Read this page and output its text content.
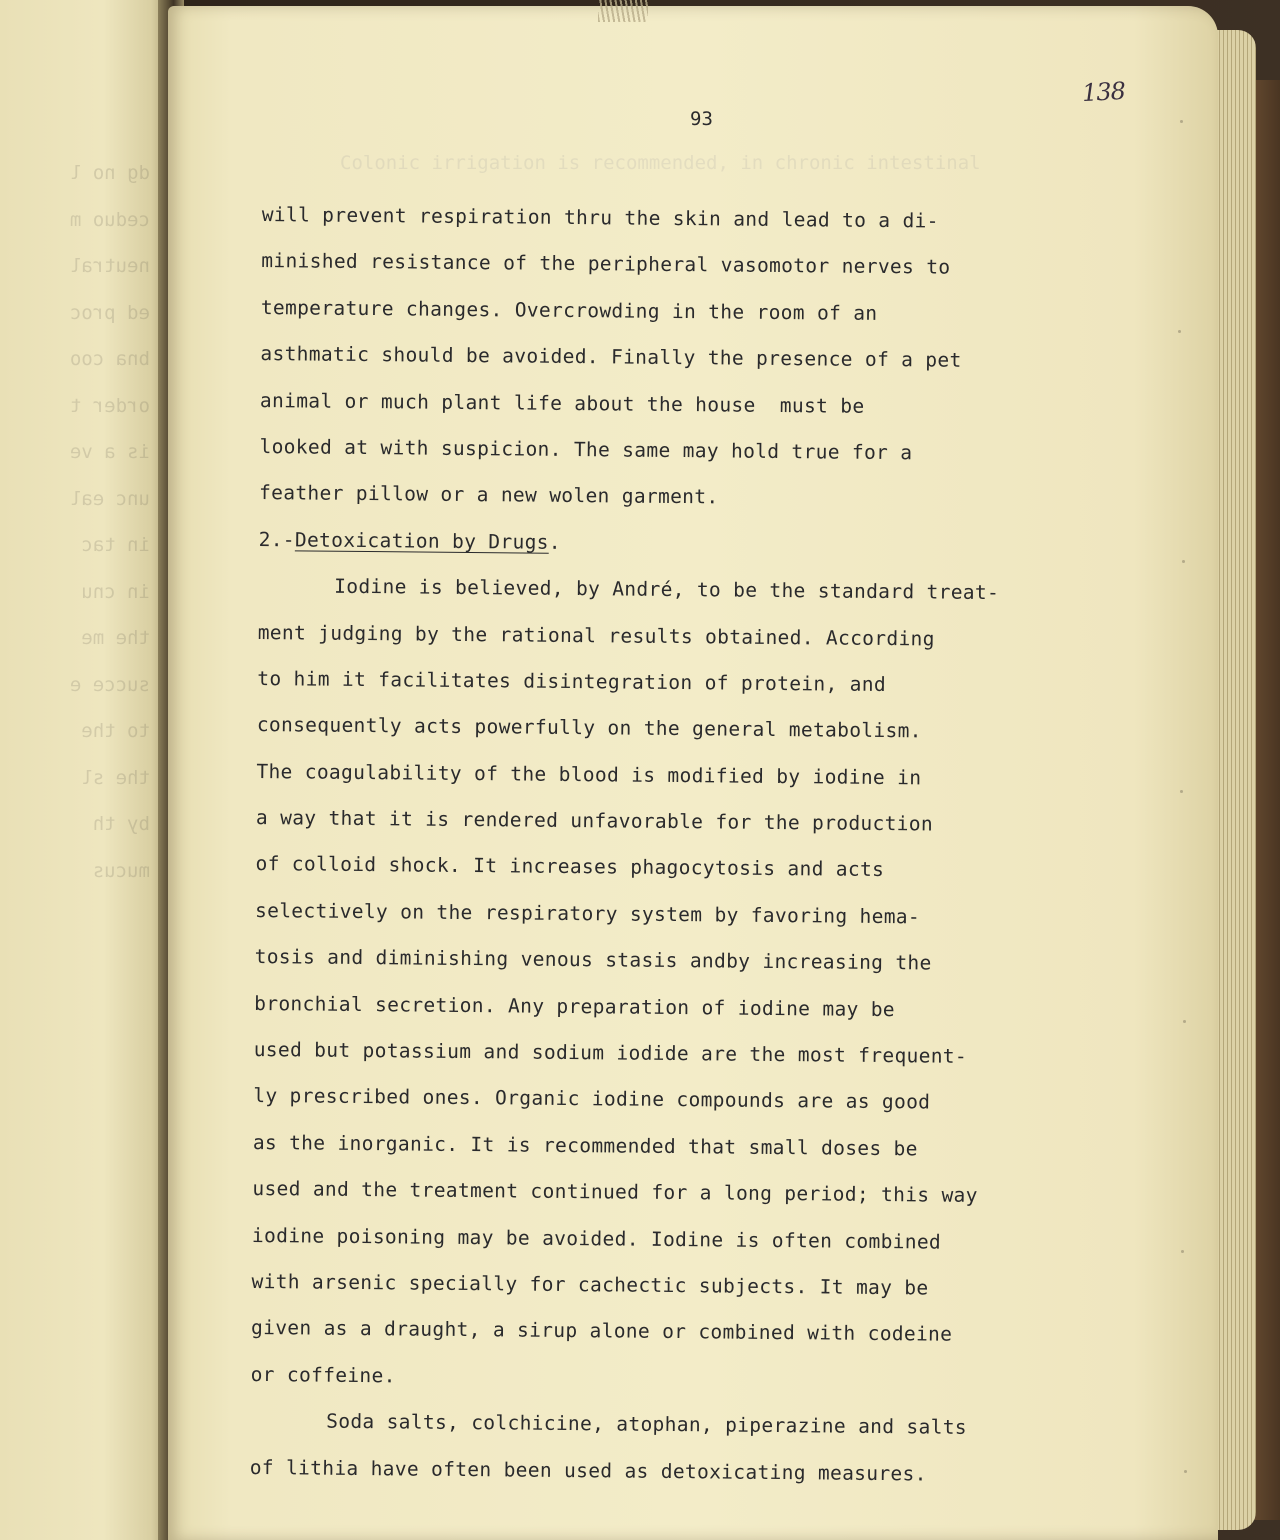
dg no l
ceduo m
neutral
ed proc
bna coo
order t
is a ve
unc eal
in tac
in cnu
the me
succe e
to the
the sl
by th
mucus
93
138
will prevent respiration thru the skin and lead to a di-
minished resistance of the peripheral vasomotor nerves to
temperature changes. Overcrowding in the room of an
asthmatic should be avoided. Finally the presence of a pet
animal or much plant life about the house  must be
looked at with suspicion. The same may hold true for a
feather pillow or a new wolen garment.
2.-Detoxication by Drugs.
Iodine is believed, by André, to be the standard treat-
ment judging by the rational results obtained. According
to him it facilitates disintegration of protein, and
consequently acts powerfully on the general metabolism.
The coagulability of the blood is modified by iodine in
a way that it is rendered unfavorable for the production
of colloid shock. It increases phagocytosis and acts
selectively on the respiratory system by favoring hema-
tosis and diminishing venous stasis andby increasing the
bronchial secretion. Any preparation of iodine may be
used but potassium and sodium iodide are the most frequent-
ly prescribed ones. Organic iodine compounds are as good
as the inorganic. It is recommended that small doses be
used and the treatment continued for a long period; this way
iodine poisoning may be avoided. Iodine is often combined
with arsenic specially for cachectic subjects. It may be
given as a draught, a sirup alone or combined with codeine
or coffeine.
Soda salts, colchicine, atophan, piperazine and salts
of lithia have often been used as detoxicating measures.
